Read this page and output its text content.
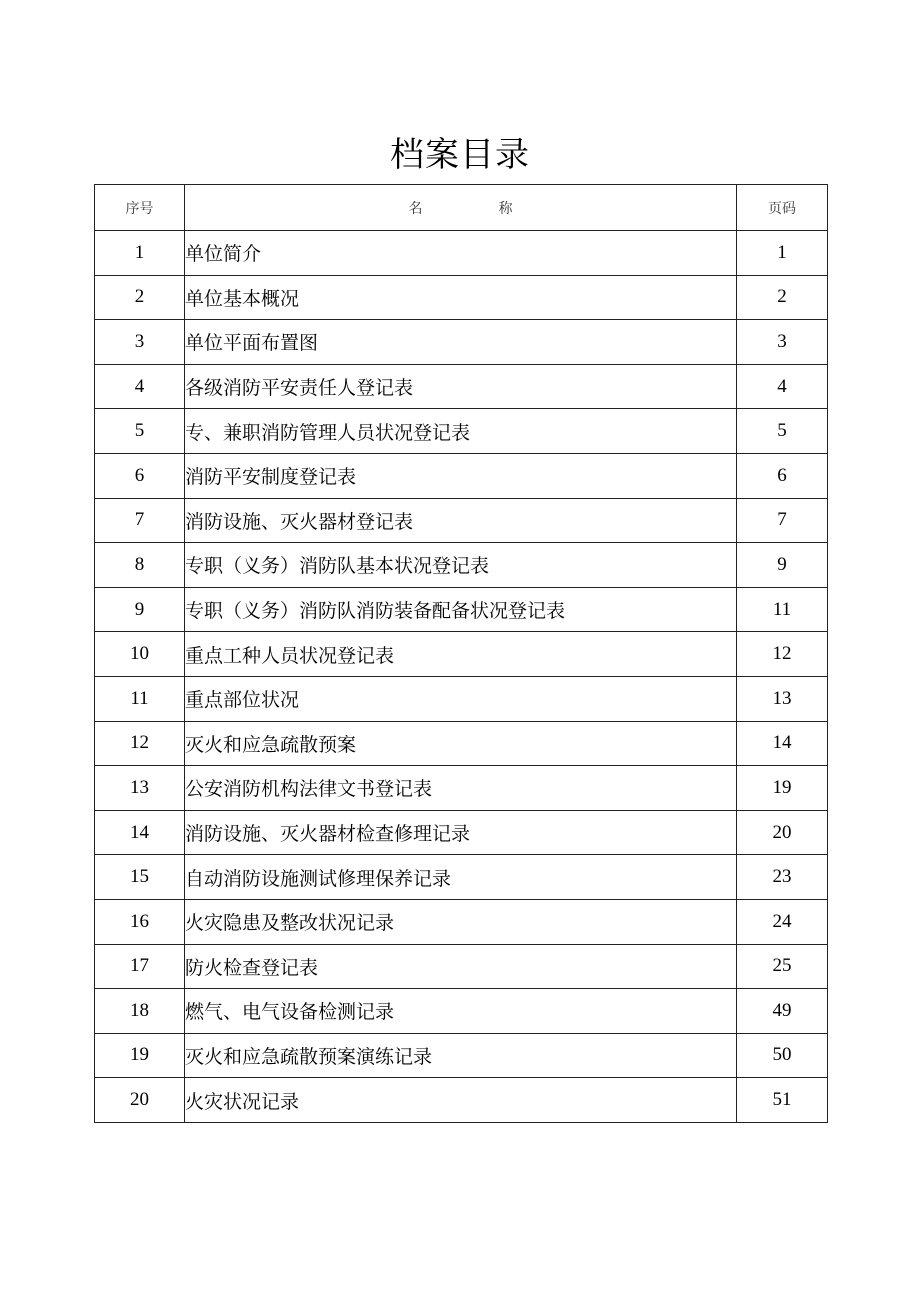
档案目录
序号	名称	页码
1	单位简介	1
2	单位基本概况	2
3	单位平面布置图	3
4	各级消防平安责任人登记表	4
5	专、兼职消防管理人员状况登记表	5
6	消防平安制度登记表	6
7	消防设施、灭火器材登记表	7
8	专职（义务）消防队基本状况登记表	9
9	专职（义务）消防队消防装备配备状况登记表	11
10	重点工种人员状况登记表	12
11	重点部位状况	13
12	灭火和应急疏散预案	14
13	公安消防机构法律文书登记表	19
14	消防设施、灭火器材检查修理记录	20
15	自动消防设施测试修理保养记录	23
16	火灾隐患及整改状况记录	24
17	防火检查登记表	25
18	燃气、电气设备检测记录	49
19	灭火和应急疏散预案演练记录	50
20	火灾状况记录	51
